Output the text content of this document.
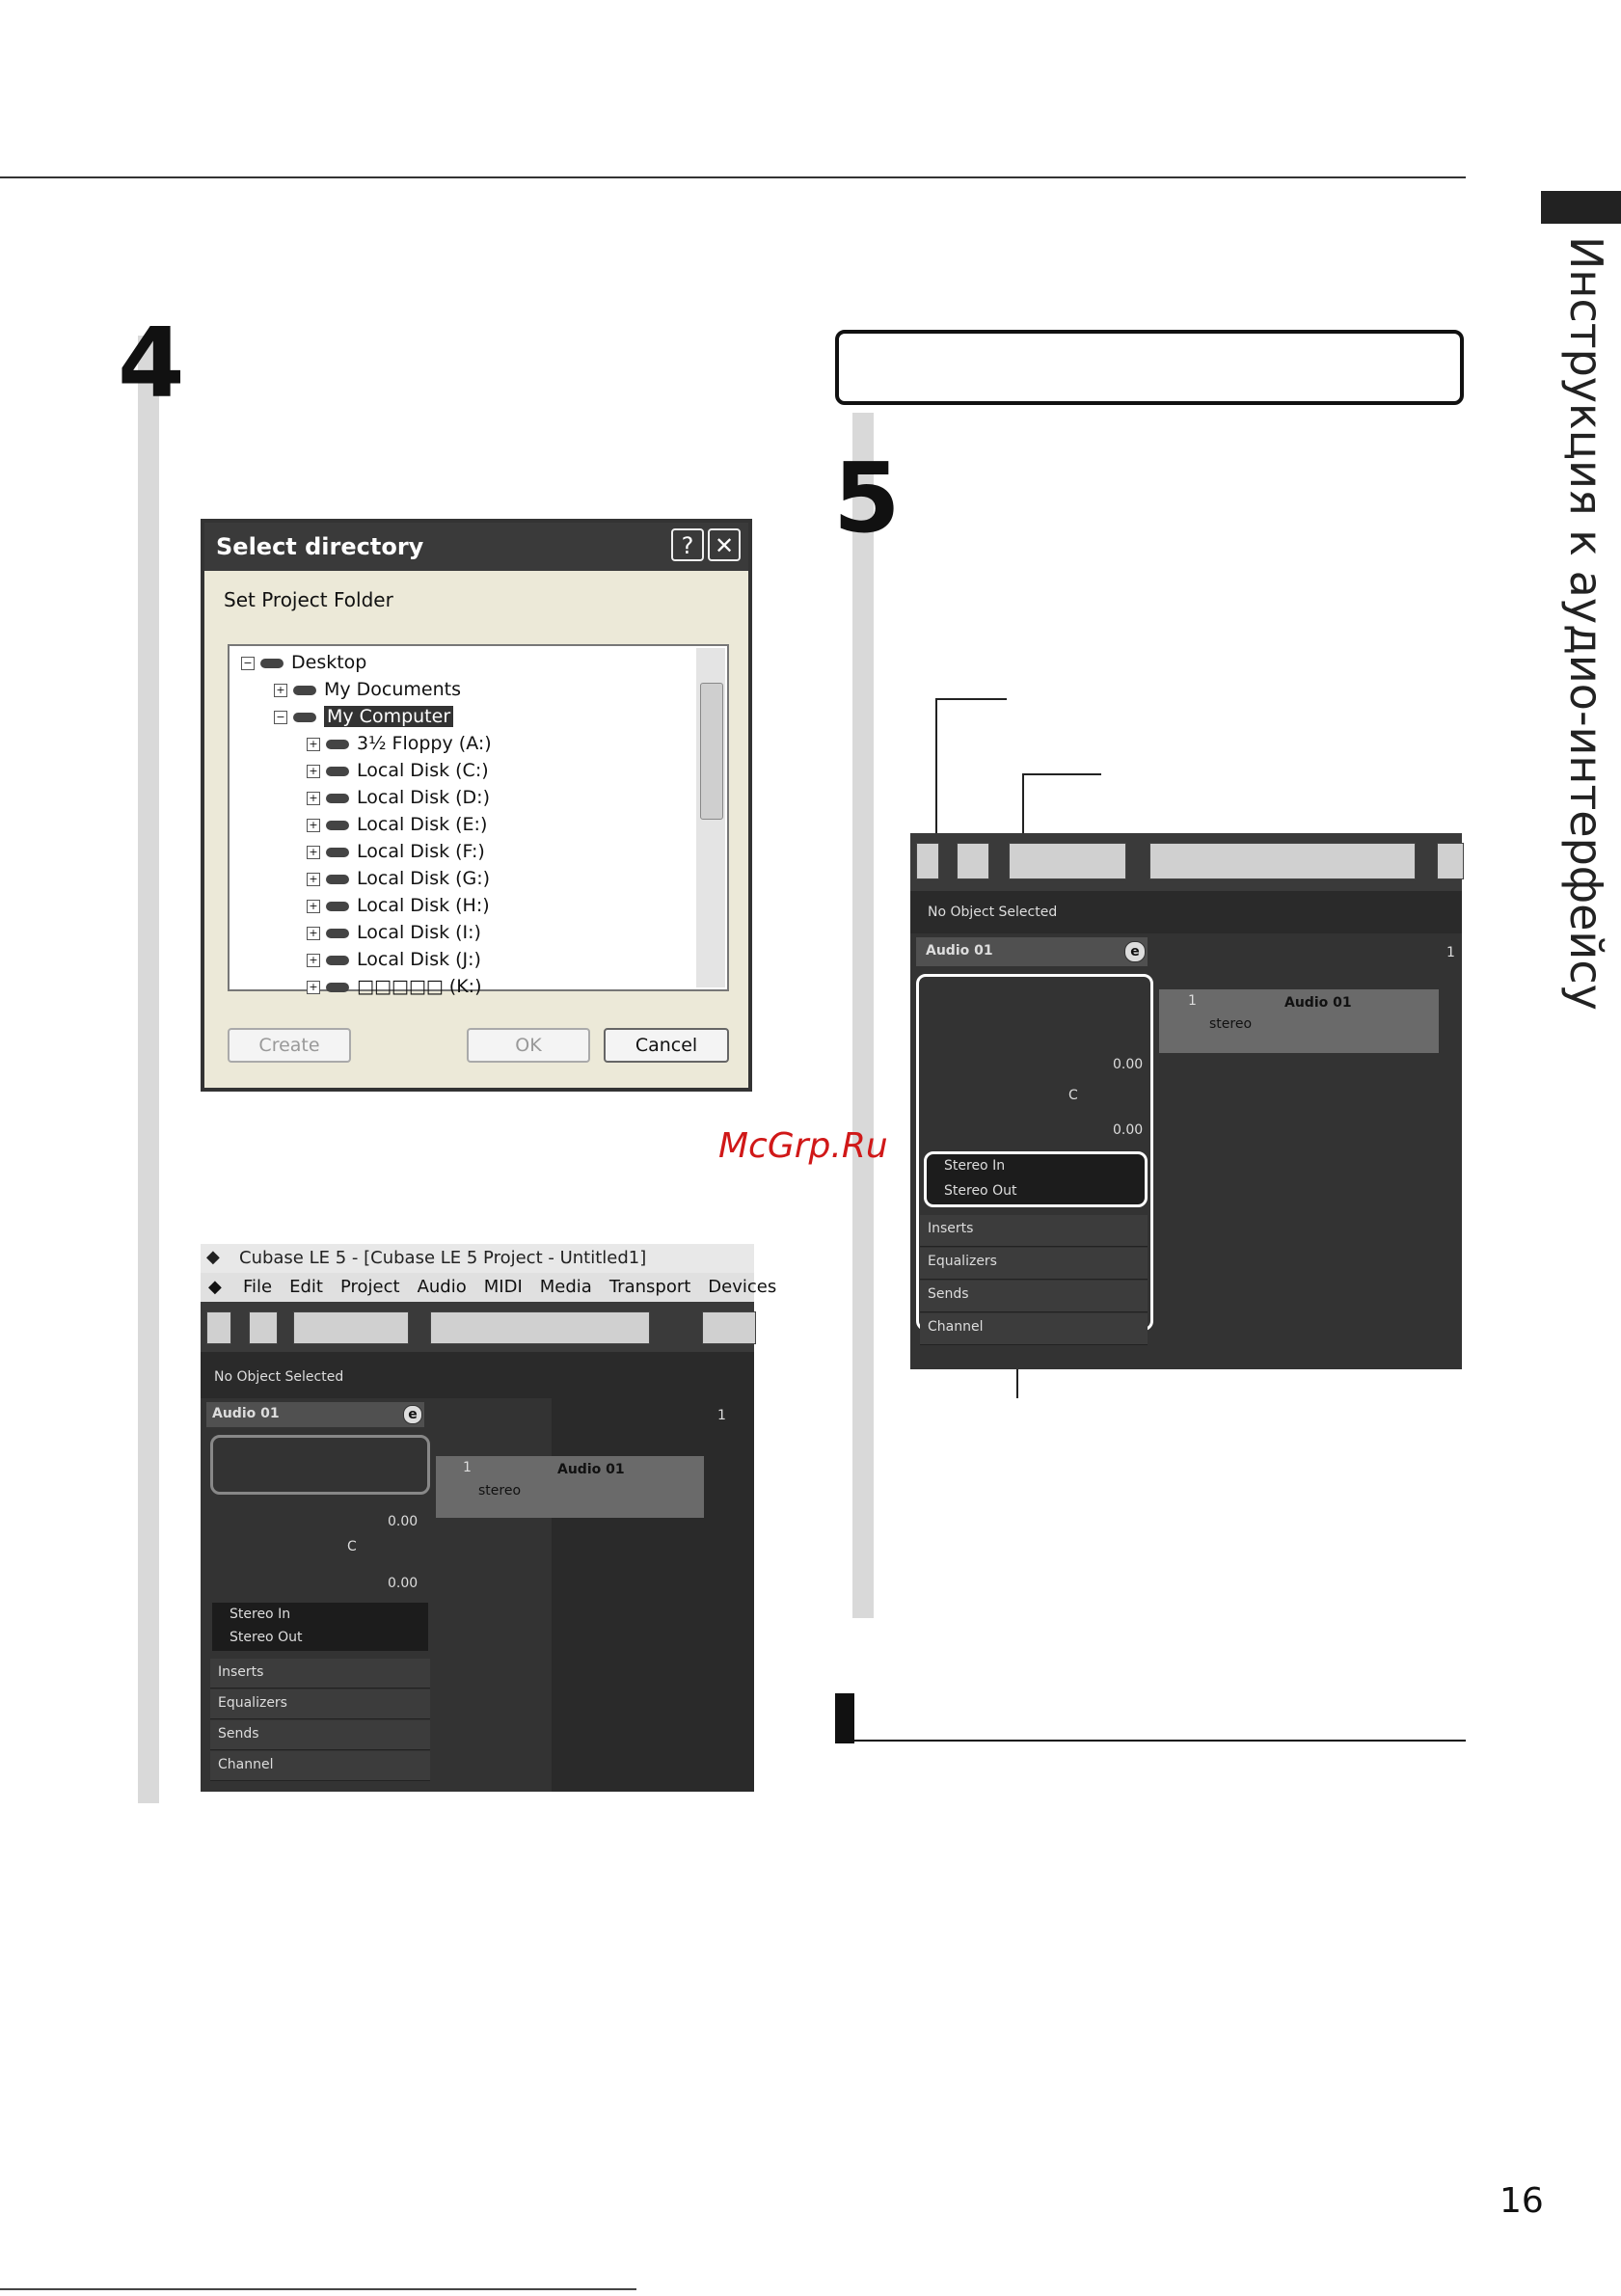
Инструкция к аудио-интерфейсу
4
Select directory	? ✕
Set Project Folder
− Desktop
+ My Documents
− My Computer
+ 3½ Floppy (A:)
+ Local Disk (C:)
+ Local Disk (D:)
+ Local Disk (E:)
+ Local Disk (F:)
+ Local Disk (G:)
+ Local Disk (H:)
+ Local Disk (I:)
+ Local Disk (J:)
+ □□□□□ (K:)
Create	OK	Cancel
◆ Cubase LE 5 - [Cubase LE 5 Project - Untitled1]
◆ File Edit Project Audio MIDI Media Transport Devices
No Object Selected
Audio 01	e
0.00
C
0.00
Stereo In
Stereo Out
Inserts
Equalizers
Sends
Channel
1	Audio 01
stereo
1
5
No Object Selected
Audio 01	e
0.00
C
0.00
Stereo In
Stereo Out
Inserts
Equalizers
Sends
Channel
1	Audio 01
stereo
1
McGrp.Ru
16
